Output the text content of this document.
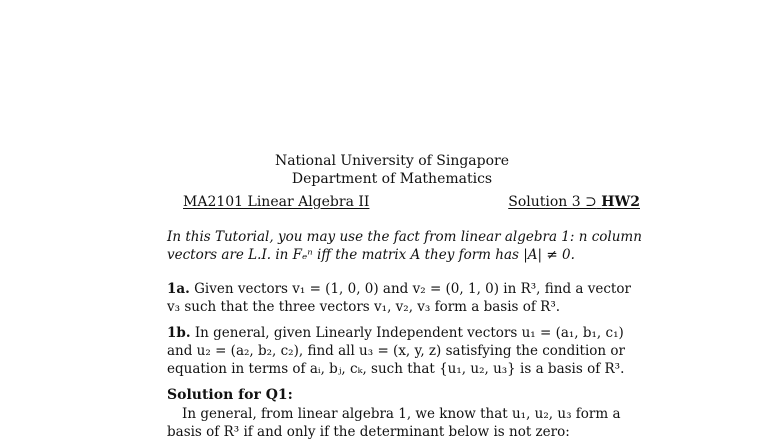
National University of Singapore
Department of Mathematics
MA2101 Linear Algebra II	Solution 3 ⊃ HW2
In this Tutorial, you may use the fact from linear algebra 1: n column
vectors are L.I. in Fₑⁿ iff the matrix A they form has |A| ≠ 0.
1a. Given vectors v₁ = (1, 0, 0) and v₂ = (0, 1, 0) in R³, find a vector
v₃ such that the three vectors v₁, v₂, v₃ form a basis of R³.
1b. In general, given Linearly Independent vectors u₁ = (a₁, b₁, c₁)
and u₂ = (a₂, b₂, c₂), find all u₃ = (x, y, z) satisfying the condition or
equation in terms of aᵢ, bⱼ, cₖ, such that {u₁, u₂, u₃} is a basis of R³.
Solution for Q1:
In general, from linear algebra 1, we know that u₁, u₂, u₃ form a
basis of R³ if and only if the determinant below is not zero:
